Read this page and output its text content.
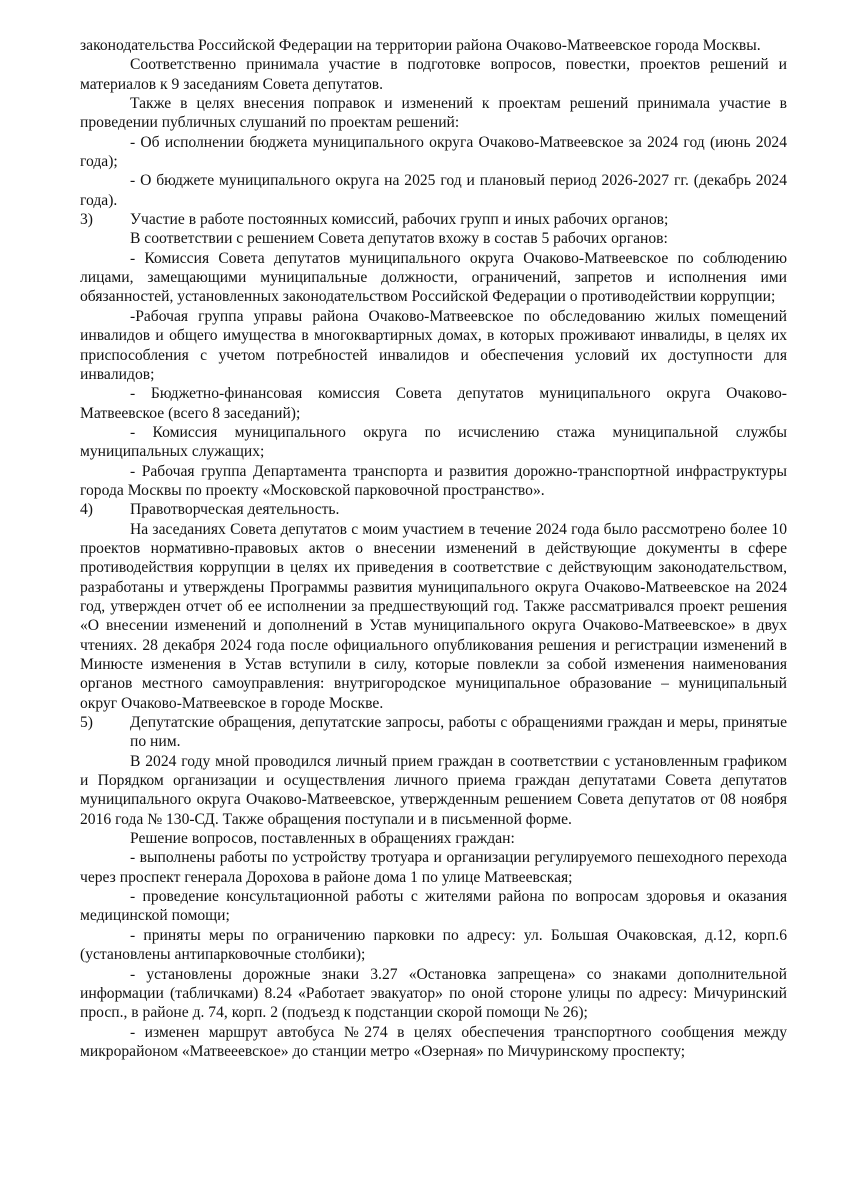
законодательства Российской Федерации на территории района Очаково-Матвеевское города Москвы.

Соответственно принимала участие в подготовке вопросов, повестки, проектов решений и материалов к 9 заседаниям Совета депутатов.

Также в целях внесения поправок и изменений к проектам решений принимала участие в проведении публичных слушаний по проектам решений:

- Об исполнении бюджета муниципального округа Очаково-Матвеевское за 2024 год (июнь 2024 года);

- О бюджете муниципального округа на 2025 год и плановый период 2026-2027 гг. (декабрь 2024 года).

3)	Участие в работе постоянных комиссий, рабочих групп и иных рабочих органов;

В соответствии с решением Совета депутатов вхожу в состав 5 рабочих органов:

- Комиссия Совета депутатов муниципального округа Очаково-Матвеевское по соблюдению лицами, замещающими муниципальные должности, ограничений, запретов и исполнения ими обязанностей, установленных законодательством Российской Федерации о противодействии коррупции;

-Рабочая группа управы района Очаково-Матвеевское по обследованию жилых помещений инвалидов и общего имущества в многоквартирных домах, в которых проживают инвалиды, в целях их приспособления с учетом потребностей инвалидов и обеспечения условий их доступности для инвалидов;

- Бюджетно-финансовая комиссия Совета депутатов муниципального округа Очаково-Матвеевское (всего 8 заседаний);

- Комиссия муниципального округа по исчислению стажа муниципальной службы муниципальных служащих;

- Рабочая группа Департамента транспорта и развития дорожно-транспортной инфраструктуры города Москвы по проекту «Московской парковочной пространство».

4)	Правотворческая деятельность.

На заседаниях Совета депутатов с моим участием в течение 2024 года было рассмотрено более 10 проектов нормативно-правовых актов о внесении изменений в действующие документы в сфере противодействия коррупции в целях их приведения в соответствие с действующим законодательством, разработаны и утверждены Программы развития муниципального округа Очаково-Матвеевское на 2024 год, утвержден отчет об ее исполнении за предшествующий год. Также рассматривался проект решения «О внесении изменений и дополнений в Устав муниципального округа Очаково-Матвеевское» в двух чтениях. 28 декабря 2024 года после официального опубликования решения и регистрации изменений в Минюсте изменения в Устав вступили в силу, которые повлекли за собой изменения наименования органов местного самоуправления: внутригородское муниципальное образование – муниципальный округ Очаково-Матвеевское в городе Москве.

5)	Депутатские обращения, депутатские запросы, работы с обращениями граждан и меры, принятые по ним.

В 2024 году мной проводился личный прием граждан в соответствии с установленным графиком и Порядком организации и осуществления личного приема граждан депутатами Совета депутатов муниципального округа Очаково-Матвеевское, утвержденным решением Совета депутатов от 08 ноября 2016 года № 130-СД. Также обращения поступали и в письменной форме.

Решение вопросов, поставленных в обращениях граждан:

- выполнены работы по устройству тротуара и организации регулируемого пешеходного перехода через проспект генерала Дорохова в районе дома 1 по улице Матвеевская;

- проведение консультационной работы с жителями района по вопросам здоровья и оказания медицинской помощи;

- приняты меры по ограничению парковки по адресу: ул. Большая Очаковская, д.12, корп.6 (установлены антипарковочные столбики);

- установлены дорожные знаки 3.27 «Остановка запрещена» со знаками дополнительной информации (табличками) 8.24 «Работает эвакуатор» по оной стороне улицы по адресу: Мичуринский просп., в районе д. 74, корп. 2 (подъезд к подстанции скорой помощи № 26);

- изменен маршрут автобуса №274 в целях обеспечения транспортного сообщения между микрорайоном «Матвееевское» до станции метро «Озерная» по Мичуринскому проспекту;
